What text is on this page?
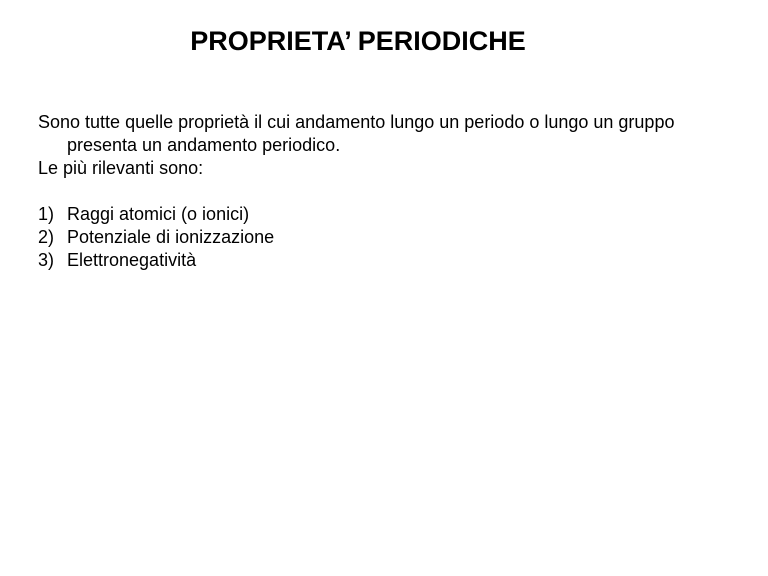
PROPRIETA’ PERIODICHE

Sono tutte quelle proprietà il cui andamento lungo un periodo o lungo un gruppo presenta un andamento periodico.

Le più rilevanti sono:

1) Raggi atomici (o ionici)
2) Potenziale di ionizzazione
3) Elettronegatività
